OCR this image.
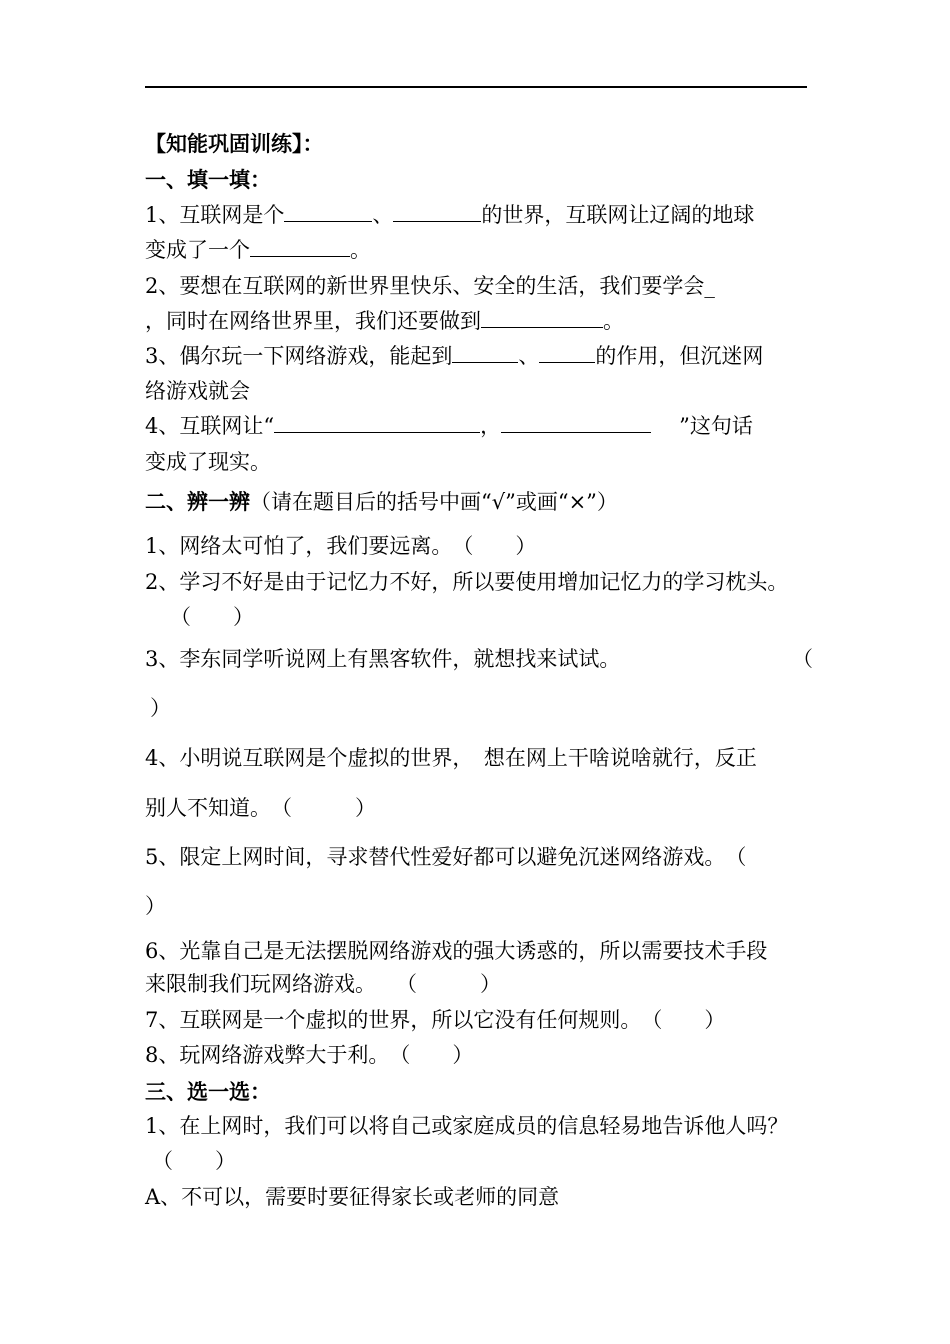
【知能巩固训练】：
一、填一填：
1、互联网是个	、	的世界，互联网让辽阔的地球
变成了一个	。
2、要想在互联网的新世界里快乐、安全的生活，我们要学会_
，同时在网络世界里，我们还要做到	。
3、偶尔玩一下网络游戏，能起到	、	的作用，但沉迷网
络游戏就会
4、互联网让“	，	”这句话
变成了现实。
二、辨一辨（请在题目后的括号中画“√”或画“×”）
1、网络太可怕了，我们要远离。（　　）
2、学习不好是由于记忆力不好，所以要使用增加记忆力的学习枕头。
（　　）
3、李东同学听说网上有黑客软件，就想找来试试。	（
）
4、小明说互联网是个虚拟的世界，　想在网上干啥说啥就行，反正
别人不知道。（　　　）
5、限定上网时间，寻求替代性爱好都可以避免沉迷网络游戏。（
）
6、光靠自己是无法摆脱网络游戏的强大诱惑的，所以需要技术手段
来限制我们玩网络游戏。 （　　　）
7、互联网是一个虚拟的世界，所以它没有任何规则。（　　）
8、玩网络游戏弊大于利。（　　）
三、选一选：
1、在上网时，我们可以将自己或家庭成员的信息轻易地告诉他人吗？
（　　）
A、不可以，需要时要征得家长或老师的同意
